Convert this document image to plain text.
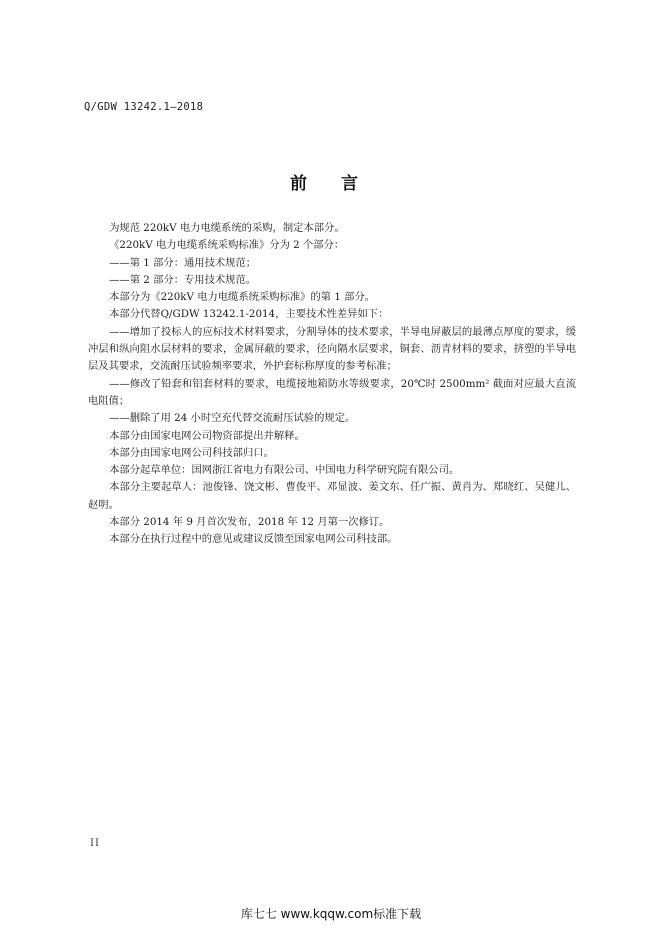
Q/GDW 13242.1—2018
前 言

为规范 220kV 电力电缆系统的采购，制定本部分。

《220kV 电力电缆系统采购标准》分为 2 个部分：

——第 1 部分：通用技术规范；

——第 2 部分：专用技术规范。

本部分为《220kV 电力电缆系统采购标准》的第 1 部分。

本部分代替Q/GDW 13242.1-2014，主要技术性差异如下：

——增加了投标人的应标技术材料要求，分割导体的技术要求，半导电屏蔽层的最薄点厚度的要求，缓冲层和纵向阻水层材料的要求，金属屏蔽的要求，径向隔水层要求，铜套、沥青材料的要求，挤塑的半导电层及其要求，交流耐压试验频率要求，外护套标称厚度的参考标准；

——修改了铅套和铝套材料的要求，电缆接地箱防水等级要求，20℃时 2500mm² 截面对应最大直流电阻值；

——删除了用 24 小时空充代替交流耐压试验的规定。

本部分由国家电网公司物资部提出并解释。

本部分由国家电网公司科技部归口。

本部分起草单位：国网浙江省电力有限公司、中国电力科学研究院有限公司。

本部分主要起草人：池俊锋、饶文彬、曹俊平、邓显波、姜文东、任广振、黄肖为、郑晓红、吴健儿、赵明。

本部分 2014 年 9 月首次发布，2018 年 12 月第一次修订。

本部分在执行过程中的意见或建议反馈至国家电网公司科技部。

II
库七七 www.kqqw.com标准下载
